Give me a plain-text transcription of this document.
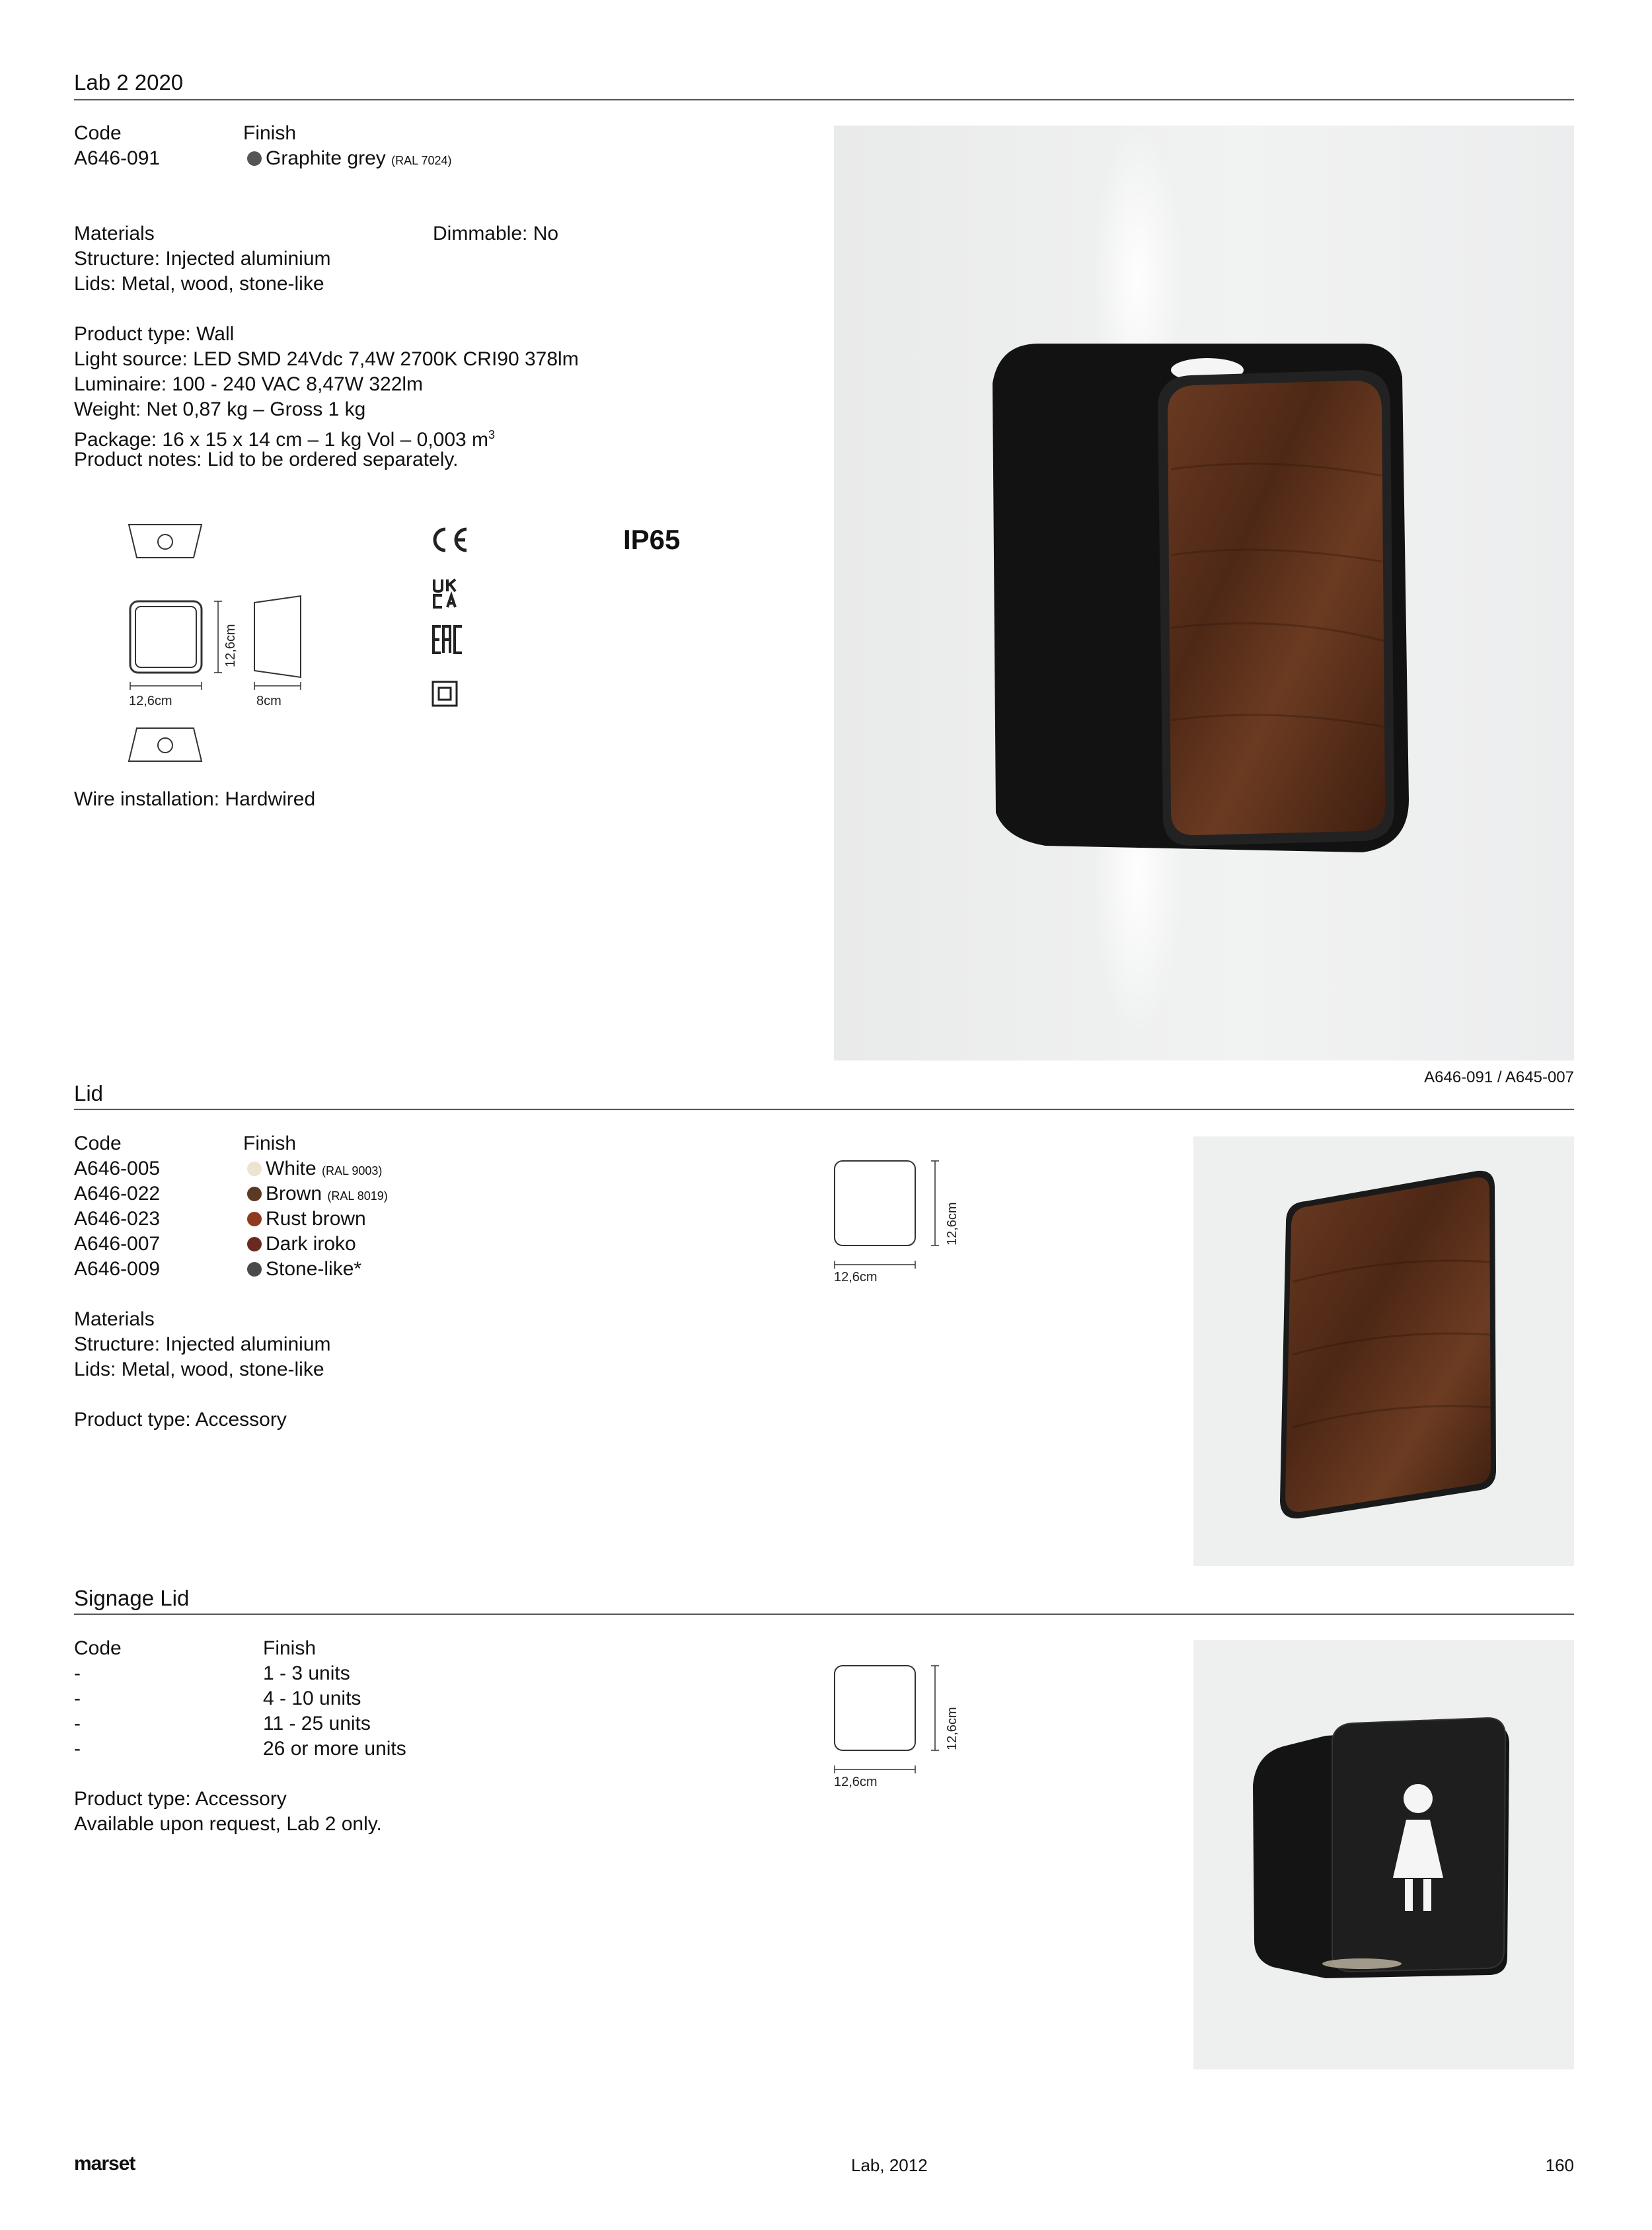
Lab 2 2020
Code	Finish
A646-091	Graphite grey (RAL 7024)
Materials	Dimmable: No
Structure: Injected aluminium
Lids: Metal, wood, stone-like
Product type: Wall
Light source: LED SMD 24Vdc 7,4W 2700K CRI90 378lm
Luminaire: 100 - 240 VAC 8,47W 322lm
Weight: Net 0,87 kg – Gross 1 kg
Package: 16 x 15 x 14 cm – 1 kg Vol – 0,003 $m^3$
Product notes: Lid to be ordered separately.
12,6cm
12,6cm	8cm
IP65
Wire installation: Hardwired
A646-091 / A645-007
Lid
Code	Finish
A646-005	White (RAL 9003)
A646-022	Brown (RAL 8019)
A646-023	Rust brown
A646-007	Dark iroko
A646-009	Stone-like*
Materials
Structure: Injected aluminium
Lids: Metal, wood, stone-like
Product type: Accessory
12,6cm
12,6cm
Signage Lid
Code	Finish
-	1 - 3 units
-	4 - 10 units
-	11 - 25 units
-	26 or more units
Product type: Accessory
Available upon request, Lab 2 only.
12,6cm
12,6cm
marset	Lab, 2012	160
